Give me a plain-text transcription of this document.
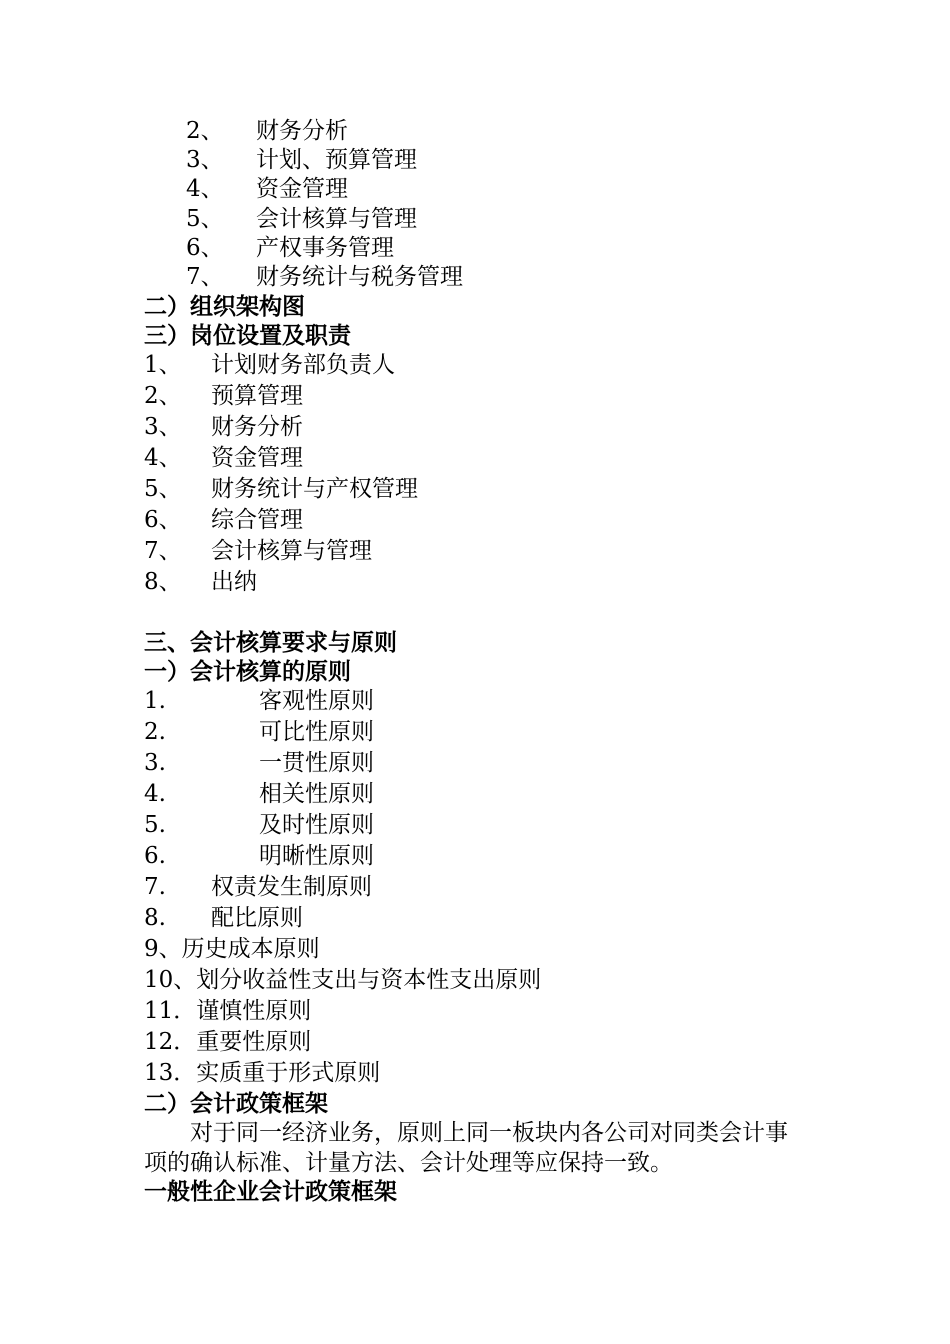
2、 财务分析
3、 计划、预算管理
4、 资金管理
5、 会计核算与管理
6、 产权事务管理
7、 财务统计与税务管理
二）组织架构图
三）岗位设置及职责
1、 计划财务部负责人
2、 预算管理
3、 财务分析
4、 资金管理
5、 财务统计与产权管理
6、 综合管理
7、 会计核算与管理
8、 出纳
三、会计核算要求与原则
一）会计核算的原则
1.	客观性原则
2.	可比性原则
3.	一贯性原则
4.	相关性原则
5.	及时性原则
6.	明晰性原则
7. 权责发生制原则
8. 配比原则
9、历史成本原则
10、划分收益性支出与资本性支出原则
11．谨慎性原则
12．重要性原则
13．实质重于形式原则
二）会计政策框架
对于同一经济业务，原则上同一板块内各公司对同类会计事项的确认标准、计量方法、会计处理等应保持一致。
一般性企业会计政策框架
